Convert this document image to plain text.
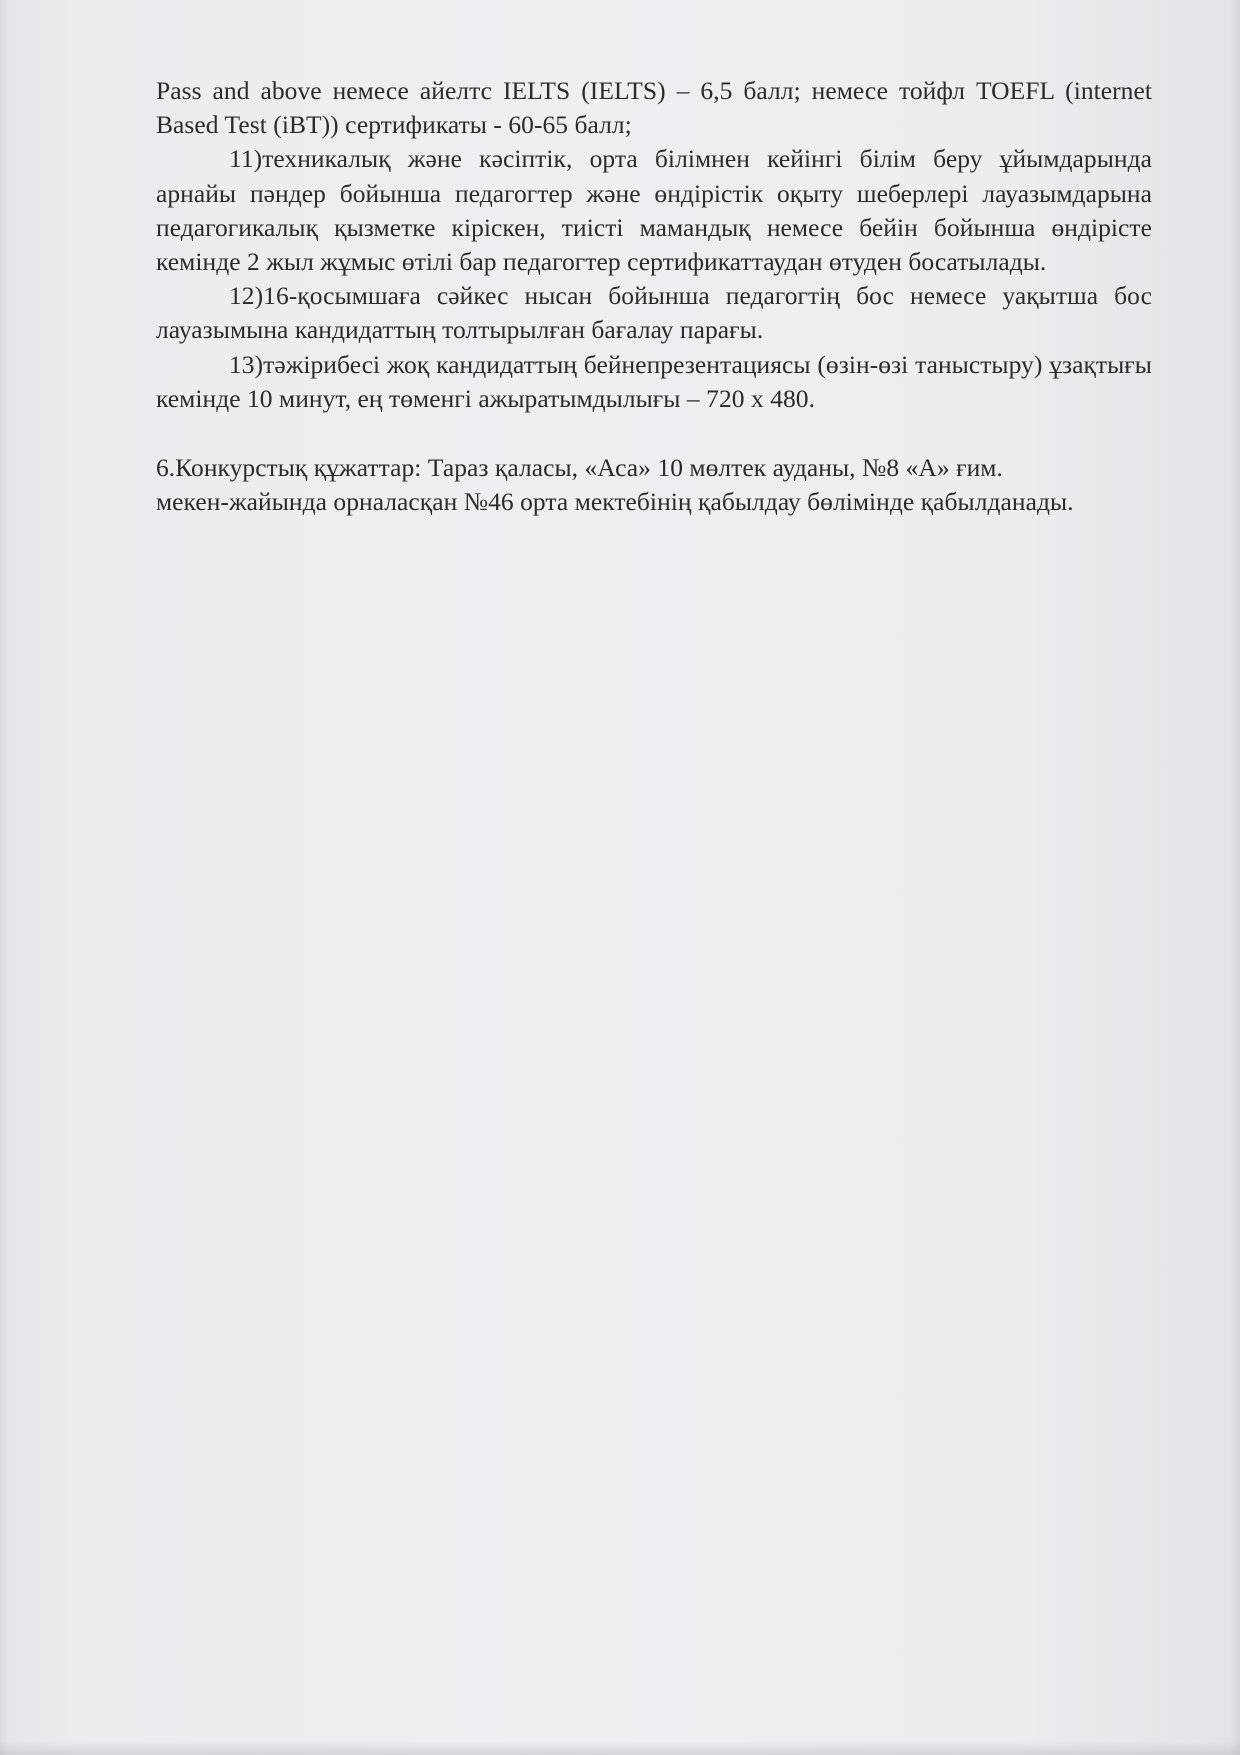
Pass and above немесе айелтс IELTS (IELTS) – 6,5 балл; немесе тойфл TOEFL (internet Based Test (iBT)) сертификаты - 60-65 балл;

11)техникалық және кәсіптік, орта білімнен кейінгі білім беру ұйымдарында арнайы пәндер бойынша педагогтер және өндірістік оқыту шеберлері лауазымдарына педагогикалық қызметке кіріскен, тиісті мамандық немесе бейін бойынша өндірісте кемінде 2 жыл жұмыс өтілі бар педагогтер сертификаттаудан өтуден босатылады.

12)16-қосымшаға сәйкес нысан бойынша педагогтің бос немесе уақытша бос лауазымына кандидаттың толтырылған бағалау парағы.

13)тәжірибесі жоқ кандидаттың бейнепрезентациясы (өзін-өзі таныстыру) ұзақтығы кемінде 10 минут, ең төменгі ажыратымдылығы – 720 х 480.

6.Конкурстық құжаттар: Тараз қаласы, «Аса» 10 мөлтек ауданы, №8 «А» ғим.

мекен-жайында орналасқан №46 орта мектебінің қабылдау бөлімінде қабылданады.
